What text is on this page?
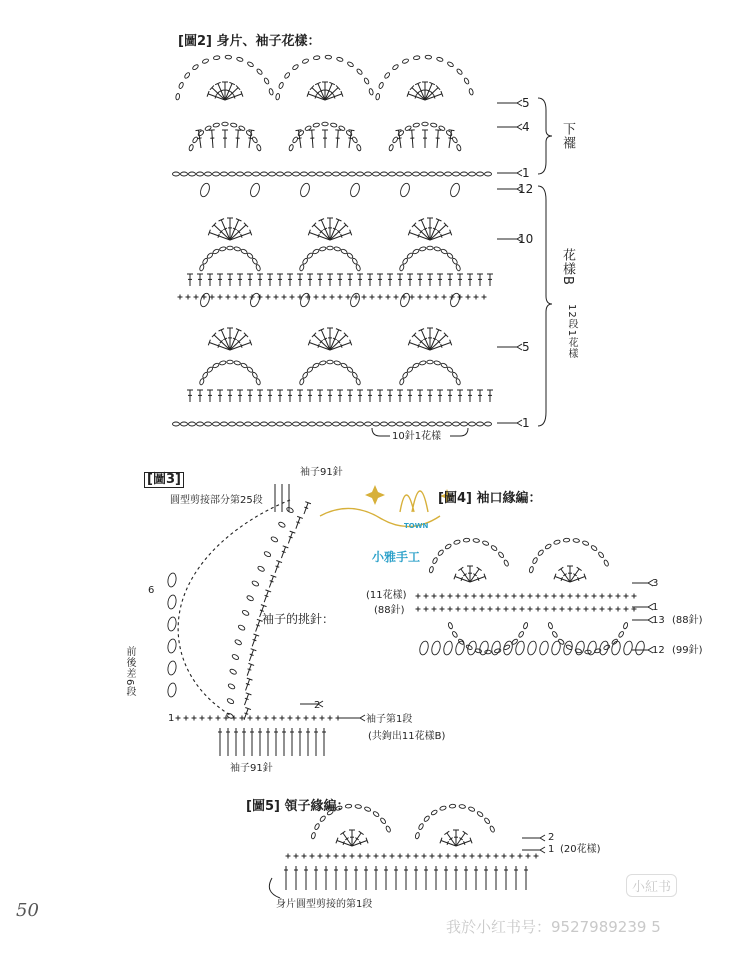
[圖2] 身片、袖子花樣：
5
4
1
12
10
5
1
下襬
花樣B
12段1花樣
10針1花樣
[圖3]	袖子91針
圓型剪接部分第25段
6
2
1
袖子的挑針：
前後差6段
袖子第1段
(共鉤出11花樣B)
袖子91針
[圖4] 袖口緣編：
(11花樣)
(88針)
3
1
13 (88針)
12 (99針)
[圖5] 領子緣編：
2
1 (20花樣)
身片圓型剪接的第1段
TOWN
小雅手工
50
小紅书
我於小红书号：9527989239 5
